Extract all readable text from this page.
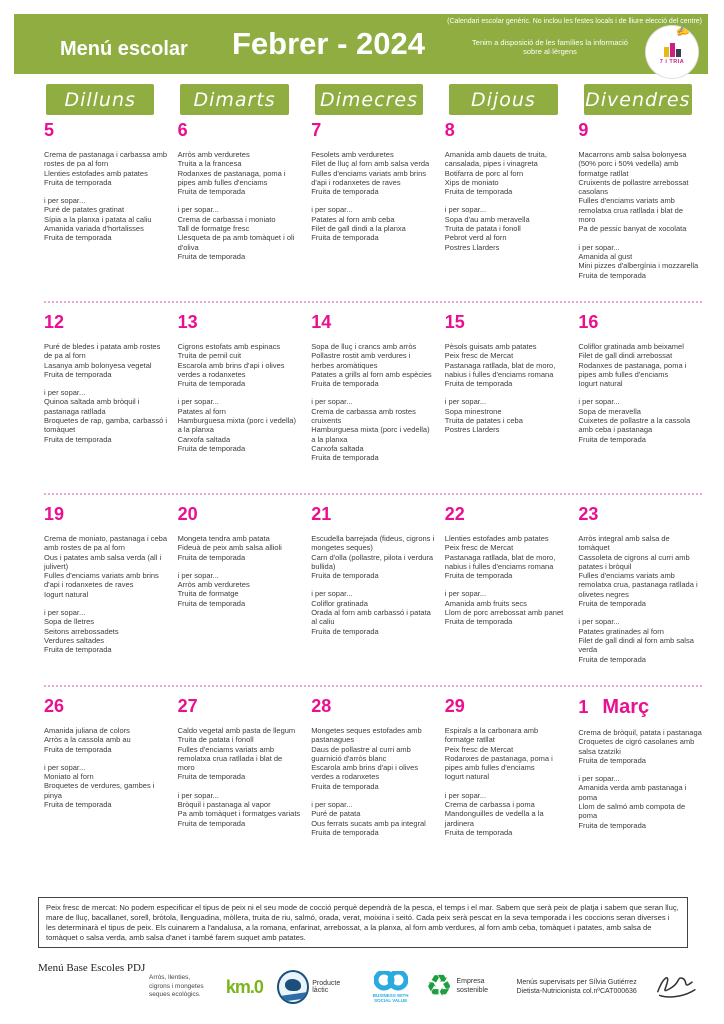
Menú escolar Febrer - 2024
(Calendari escolar genèric. No inclou les festes locals i de lliure elecció del centre)
Tenim a disposició de les famílies la informació sobre al·lèrgens
✍
7 i TRIA
Dilluns	Dimarts	Dimecres	Dijous	Divendres
5
Crema de pastanaga i carbassa amb rostes de pa al forn
Llenties estofades amb patates
Fruita de temporada
i per sopar...
Puré de patates gratinat
Sípia a la planxa i patata al caliu
Amanida variada d'hortalisses
Fruita de temporada
6
Arròs amb verduretes
Truita a la francesa
Rodanxes de pastanaga, poma i pipes amb fulles d'enciams
Fruita de temporada
i per sopar...
Crema de carbassa i moniato
Tall de formatge fresc
Llesqueta de pa amb tomàquet i oli d'oliva
Fruita de temporada
7
Fesolets amb verduretes
Filet de lluç al forn amb salsa verda
Fulles d'enciams variats amb brins d'api i rodanxetes de raves
Fruita de temporada
i per sopar...
Patates al forn amb ceba
Filet de gall dindi a la planxa
Fruita de temporada
8
Amanida amb dauets de truita, cansalada, pipes i vinagreta
Botifarra de porc al forn
Xips de moniato
Fruita de temporada
i per sopar...
Sopa d'au amb meravella
Truita de patata i fonoll
Pebrot verd al forn
Postres Llarders
9
Macarrons amb salsa bolonyesa (50% porc i 50% vedella) amb formatge ratllat
Cruixents de pollastre arrebossat casolans
Fulles d'enciams variats amb remolatxa crua ratllada i blat de moro
Pa de pessic banyat de xocolata
i per sopar...
Amanida al gust
Mini pizzes d'albergínia i mozzarella
Fruita de temporada
12
Puré de bledes i patata amb rostes de pa al forn
Lasanya amb bolonyesa vegetal
Fruita de temporada
i per sopar...
Quinoa saltada amb bròquil i pastanaga ratllada
Broquetes de rap, gamba, carbassó i tomàquet
Fruita de temporada
13
Cigrons estofats amb espinacs
Truita de pernil cuit
Escarola amb brins d'api i olives verdes a rodanxetes
Fruita de temporada
i per sopar...
Patates al forn
Hamburguesa mixta (porc i vedella) a la planxa
Carxofa saltada
Fruita de temporada
14
Sopa de lluç i crancs amb arròs
Pollastre rostit amb verdures i herbes aromàtiques
Patates a grills al forn amb espècies
Fruita de temporada
i per sopar...
Crema de carbassa amb rostes cruixents
Hamburguesa mixta (porc i vedella) a la planxa
Carxofa saltada
Fruita de temporada
15
Pèsols guisats amb patates
Peix fresc de Mercat
Pastanaga ratllada, blat de moro, nabius i fulles d'enciams romana
Fruita de temporada
i per sopar...
Sopa minestrone
Truita de patates i ceba
Postres Llarders
16
Coliflor gratinada amb beixamel
Filet de gall dindi arrebossat
Rodanxes de pastanaga, poma i pipes amb fulles d'enciams
Iogurt natural
i per sopar...
Sopa de meravella
Cuixetes de pollastre a la cassola amb ceba i pastanaga
Fruita de temporada
19
Crema de moniato, pastanaga i ceba amb rostes de pa al forn
Ous i patates amb salsa verda (all i julivert)
Fulles d'enciams variats amb brins d'api i rodanxetes de raves
Iogurt natural
i per sopar...
Sopa de lletres
Seitons arrebossadets
Verdures saltades
Fruita de temporada
20
Mongeta tendra amb patata
Fideuà de peix amb salsa allioli
Fruita de temporada
i per sopar...
Arròs amb verduretes
Truita de formatge
Fruita de temporada
21
Escudella barrejada (fideus, cigrons i mongetes seques)
Carn d'olla (pollastre, pilota i verdura bullida)
Fruita de temporada
i per sopar...
Coliflor gratinada
Orada al forn amb carbassó i patata al caliu
Fruita de temporada
22
Llenties estofades amb patates
Peix fresc de Mercat
Pastanaga ratllada, blat de moro, nabius i fulles d'enciams romana
Fruita de temporada
i per sopar...
Amanida amb fruits secs
Llom de porc arrebossat amb panet
Fruita de temporada
23
Arròs integral amb salsa de tomàquet
Cassoleta de cigrons al curri amb patates i bròquil
Fulles d'enciams variats amb remolatxa crua, pastanaga ratllada i olivetes negres
Fruita de temporada
i per sopar...
Patates gratinades al forn
Filet de gall dindi al forn amb salsa verda
Fruita de temporada
26
Amanida juliana de colors
Arròs a la cassola amb au
Fruita de temporada
i per sopar...
Moniato al forn
Broquetes de verdures, gambes i pinya
Fruita de temporada
27
Caldo vegetal amb pasta de llegum
Truita de patata i fonoll
Fulles d'enciams variats amb remolatxa crua ratllada i blat de moro
Fruita de temporada
i per sopar...
Bròquil i pastanaga al vapor
Pa amb tomàquet i formatges variats
Fruita de temporada
28
Mongetes seques estofades amb pastanagues
Daus de pollastre al curri amb guarnició d'arròs blanc
Escarola amb brins d'api i olives verdes a rodanxetes
Fruita de temporada
i per sopar...
Puré de patata
Ous ferrats sucats amb pa integral
Fruita de temporada
29
Espirals a la carbonara amb formatge ratllat
Peix fresc de Mercat
Rodanxes de pastanaga, poma i pipes amb fulles d'enciams
Iogurt natural
i per sopar...
Crema de carbassa i poma
Mandonguilles de vedella a la jardinera
Fruita de temporada
1 Març
Crema de bròquil, patata i pastanaga
Croquetes de cigró casolanes amb salsa tzatziki
Fruita de temporada
i per sopar...
Amanida verda amb pastanaga i poma
Llom de salmó amb compota de poma
Fruita de temporada
Peix fresc de mercat: No podem especificar el tipus de peix ni el seu mode de cocció perquè dependrà de la pesca, el temps i el mar. Sabem que serà peix de platja i sabem que seran lluç, mare de lluç, bacallanet, sorell, bròtola, llenguadina, mòllera, truita de riu, salmó, orada, verat, moixina i seitó. Cada peix serà pescat en la seva temporada i les coccions seran diverses i les determinarà el tipus de peix. Els cuinarem a l'andalusa, a la romana, enfarinat, arrebossat, a la planxa, al forn amb verdures, al forn amb ceba, tomàquet i patates, amb salsa de tomàquet o salsa verda, amb salsa d'anet i també farem suquet amb patates.
Menú Base Escoles PDJ
Arròs, llenties, cigrons i mongetes seques ecològics.	km.0	Producte làctic
BUSINESS WITH SOCIAL VALUE ♻ Empresa sostenible
Menús supervisats per Sílvia Gutiérrez
Dietista-Nutricionista col.nºCAT000636
